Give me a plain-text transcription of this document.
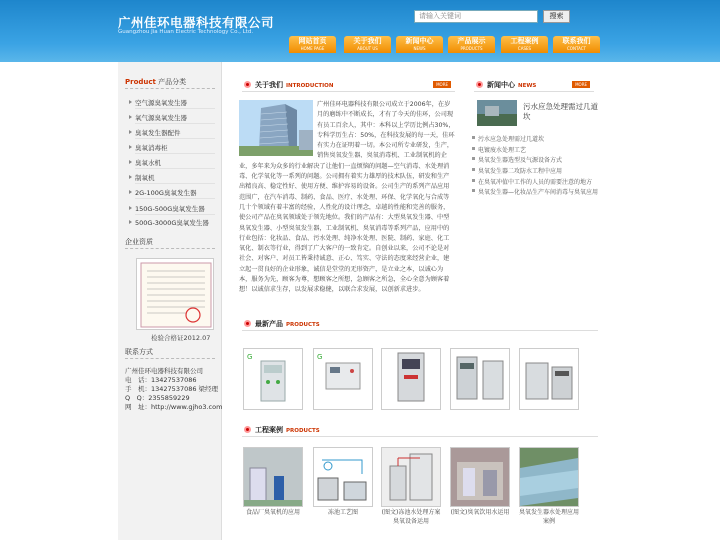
广州佳环电器科技有限公司
Guangzhou Jia Huan Electric Technology Co., Ltd.
请输入关键词	搜索
网站首页
HOME PAGE
关于我们
ABOUT US
新闻中心
NEWS
产品展示
PRODUCTS
工程案例
CASES
联系我们
CONTACT
Product 产品分类
空气源臭氧发生器
氧气源臭氧发生器
臭氧发生器配件
臭氧消毒柜
臭氧水机
制氧机
2G-100G臭氧发生器
150G-500G臭氧发生器
500G-3000G臭氧发生器
企业资质
检验合格证2012.07
联系方式
广州佳环电器科技有限公司
电　话：13427537086
手　机：13427537086 梁经理
Q　Q：2355859229
网　址：http://www.gjho3.com
关于我们 INTRODUCTION	MORE
广州佳环电器科技有限公司成立于2006年，在岁月的磨练中不断成长，才有了今天的佳环，公司现有员工百余人，其中：本科以上学历比例占30%，专科学历生占：50%，在科技发展的每一天，佳环有实力在证明着一切。本公司所专业研发，生产，销售臭氧发生器、臭氧消毒机、工业制氧机的企业，多年来为众多的行业解决了让他们一直烦恼的问题—空气消毒、水处理消毒、化学氧化等一系列的问题。公司拥有着实力雄厚的技术队伍，研发和生产出精良高、稳定性好、使用方便、维护容易的设备。公司生产的系列产品应用范围广，在汽车消毒、制药、食品、医疗、水处理、环保、化学氧化与合成等几十个领域有着丰富的经验，人性化的设计理念，卓越的性能和完善的服务，使公司产品在臭氧领域处于领先地位。我们的产品有：大型臭氧发生器、中型臭氧发生器、小型臭氧发生器，工业制氧机、臭氧消毒等系列产品，应用中的行业包括：化妆品、食品、污水处理、纯净水处理、医院、制药、家庭、化工氧化、制衣等行业，得到了广大客户的一致肯定。自创业以来，公司不论是对社会、对客户、对员工皆秉持诚意、正心、笃实、守法的态度来经营企业，建立起一贯良好的企业形象，诚信是堂堂的无形资产，是立业之本，以诚心为本，服务为先，顾客为尊，想顾客之所想，急顾客之所急，全心全意为顾客着想！以诚信求生存，以发展求稳健，以联合求发展，以创新求进步。
新闻中心 NEWS	MORE
污水应急处理需过几道坎
污水应急处理需过几道坎
电镀废水处理工艺
臭氧发生器选型及气源设备方式
臭氧发生器二攻防水工程中应用
在臭氧冲值中工作的人员的需要注意的地方
臭氧发生器—化妆品生产车间消毒与臭氧应用
最新产品 PRODUCTS
G	G
工程案例 PRODUCTS
食品厂臭氧机的应用	冻池工艺图	(图文)冻池水处理方案 臭氧设备运用
(图文)臭氧饮用水运用	臭氧发生器水处理应用 案例
